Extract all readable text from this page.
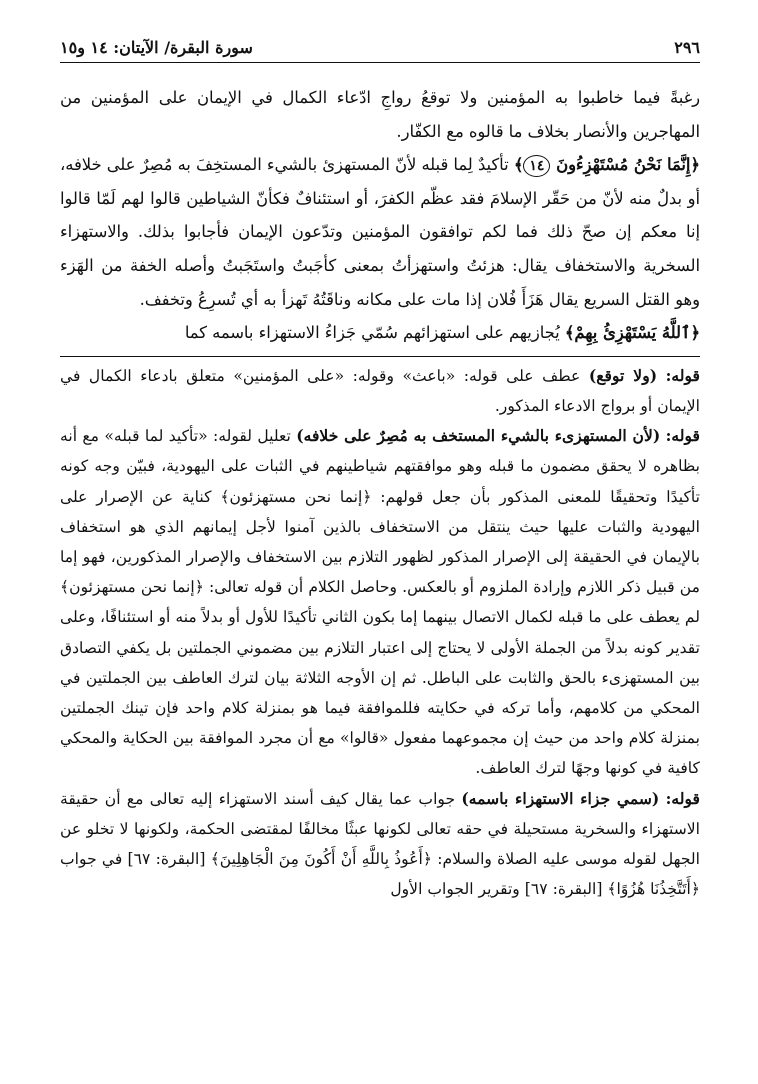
٢٩٦
سورة البقرة/ الآيتان: ١٤ و١٥

رغبةً فيما خاطبوا به المؤمنين ولا توقعُ رواجِ ادّعاء الكمال في الإيمان على المؤمنين من المهاجرين والأنصار بخلاف ما قالوه مع الكفّار.

﴿إِنَّمَا نَحْنُ مُسْتَهْزِءُونَ ١٤﴾ تأكيدٌ لِما قبله لأنّ المستهزئ بالشيء المستخِفَ به مُصِرٌ على خلافه، أو بدلٌ منه لأنّ من حَقّر الإسلامَ فقد عظّم الكفرَ، أو استئنافٌ فكأنّ الشياطين قالوا لهم لَمّا قالوا إنا معكم إن صحّ ذلك فما لكم توافقون المؤمنين وتدّعون الإيمان فأجابوا بذلك. والاستهزاء السخرية والاستخفاف يقال: هزئتُ واستهزأتُ بمعنى كأجَبتُ واستَجَبتُ وأصله الخفة من الهَزء وهو القتل السريع يقال هَزَأَ فُلان إذا مات على مكانه وناقَتُهُ تَهزأ به أي تُسرِعُ وتخفف.

﴿ٱللَّهُ يَسْتَهْزِئُ بِهِمْ﴾ يُجازيهم على استهزائهم سُمّي جَزاءُ الاستهزاء باسمه كما

قوله: (ولا توقع) عطف على قوله: «باعث» وقوله: «على المؤمنين» متعلق بادعاء الكمال في الإيمان أو برواج الادعاء المذكور.

قوله: (لأن المستهزىء بالشيء المستخف به مُصِرٌ على خلافه) تعليل لقوله: «تأكيد لما قبله» مع أنه بظاهره لا يحقق مضمون ما قبله وهو موافقتهم شياطينهم في الثبات على اليهودية، فبيّن وجه كونه تأكيدًا وتحقيقًا للمعنى المذكور بأن جعل قولهم: ﴿إنما نحن مستهزئون﴾ كناية عن الإصرار على اليهودية والثبات عليها حيث ينتقل من الاستخفاف بالذين آمنوا لأجل إيمانهم الذي هو استخفاف بالإيمان في الحقيقة إلى الإصرار المذكور لظهور التلازم بين الاستخفاف والإصرار المذكورين، فهو إما من قبيل ذكر اللازم وإرادة الملزوم أو بالعكس. وحاصل الكلام أن قوله تعالى: ﴿إنما نحن مستهزئون﴾ لم يعطف على ما قبله لكمال الاتصال بينهما إما بكون الثاني تأكيدًا للأول أو بدلاً منه أو استئنافًا، وعلى تقدير كونه بدلاً من الجملة الأولى لا يحتاج إلى اعتبار التلازم بين مضموني الجملتين بل يكفي التصادق بين المستهزىء بالحق والثابت على الباطل. ثم إن الأوجه الثلاثة بيان لترك العاطف بين الجملتين في المحكي من كلامهم، وأما تركه في حكايته فللموافقة فيما هو بمنزلة كلام واحد فإن تينك الجملتين بمنزلة كلام واحد من حيث إن مجموعهما مفعول «قالوا» مع أن مجرد الموافقة بين الحكاية والمحكي كافية في كونها وجهًا لترك العاطف.

قوله: (سمي جزاء الاستهزاء باسمه) جواب عما يقال كيف أسند الاستهزاء إليه تعالى مع أن حقيقة الاستهزاء والسخرية مستحيلة في حقه تعالى لكونها عبثًا مخالفًا لمقتضى الحكمة، ولكونها لا تخلو عن الجهل لقوله موسى عليه الصلاة والسلام: ﴿أَعُوذُ بِاللَّهِ أَنْ أَكُونَ مِنَ الْجَاهِلِينَ﴾ [البقرة: ٦٧] في جواب ﴿أَتَتَّخِذُنَا هُزُوًا﴾ [البقرة: ٦٧] وتقرير الجواب الأول
